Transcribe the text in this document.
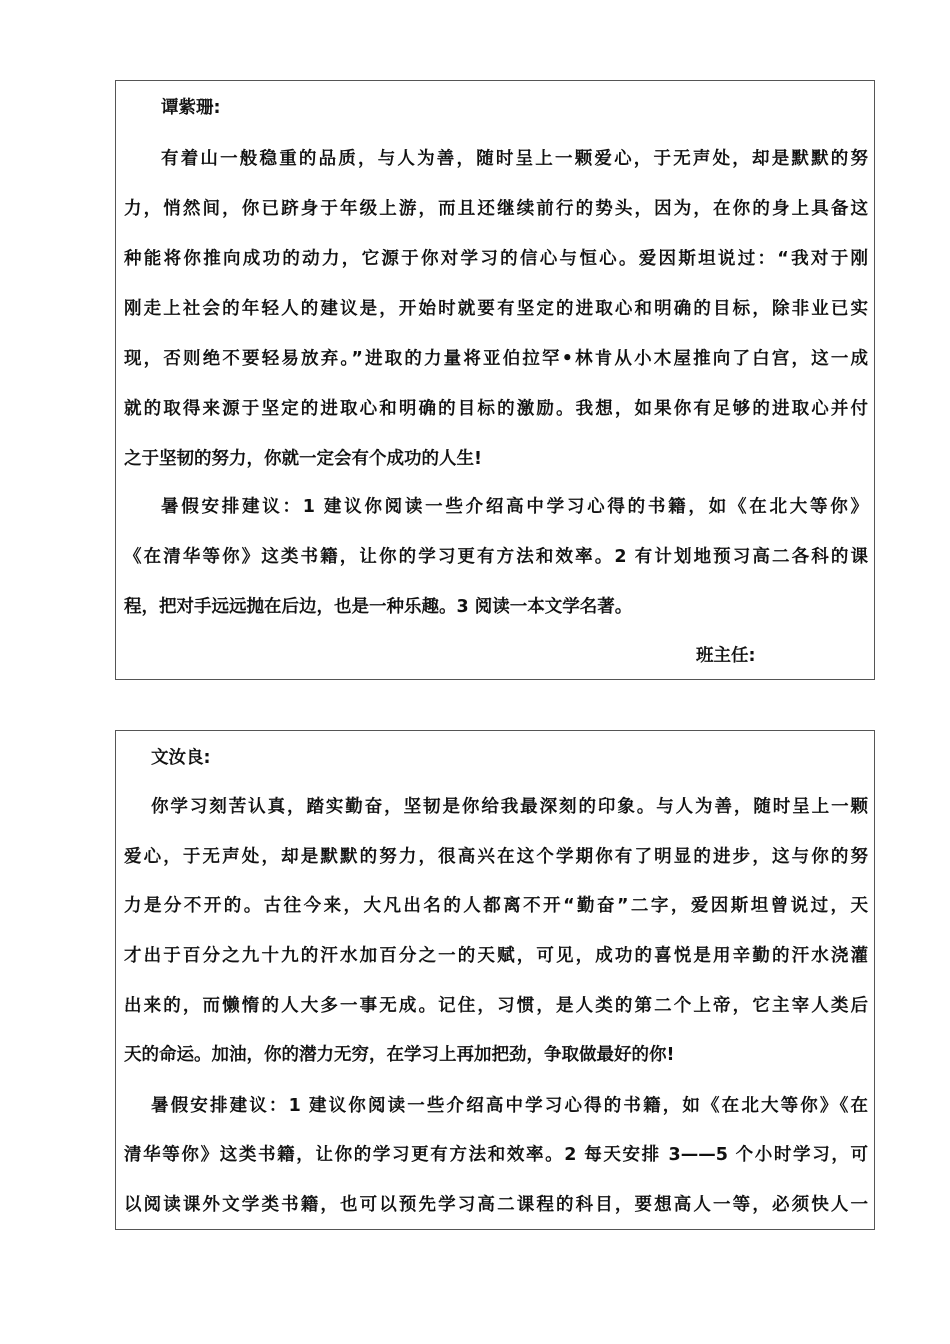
谭紫珊:
有着山一般稳重的品质，与人为善，随时呈上一颗爱心，于无声处，却是默默的努
力，悄然间，你已跻身于年级上游，而且还继续前行的势头，因为，在你的身上具备这
种能将你推向成功的动力，它源于你对学习的信心与恒心。爱因斯坦说过：“我对于刚
刚走上社会的年轻人的建议是，开始时就要有坚定的进取心和明确的目标，除非业已实
现，否则绝不要轻易放弃。”进取的力量将亚伯拉罕•林肯从小木屋推向了白宫，这一成
就的取得来源于坚定的进取心和明确的目标的激励。我想，如果你有足够的进取心并付
之于坚韧的努力，你就一定会有个成功的人生!
暑假安排建议：1 建议你阅读一些介绍高中学习心得的书籍，如《在北大等你》
《在清华等你》这类书籍，让你的学习更有方法和效率。2 有计划地预习高二各科的课
程，把对手远远抛在后边，也是一种乐趣。3 阅读一本文学名著。
班主任:
文汝良:
你学习刻苦认真，踏实勤奋，坚韧是你给我最深刻的印象。与人为善，随时呈上一颗
爱心，于无声处，却是默默的努力，很高兴在这个学期你有了明显的进步，这与你的努
力是分不开的。古往今来，大凡出名的人都离不开“勤奋”二字，爱因斯坦曾说过，天
才出于百分之九十九的汗水加百分之一的天赋，可见，成功的喜悦是用辛勤的汗水浇灌
出来的，而懒惰的人大多一事无成。记住，习惯，是人类的第二个上帝，它主宰人类后
天的命运。加油，你的潜力无穷，在学习上再加把劲，争取做最好的你!
暑假安排建议：1 建议你阅读一些介绍高中学习心得的书籍，如《在北大等你》《在
清华等你》这类书籍，让你的学习更有方法和效率。2 每天安排 3——5 个小时学习，可
以阅读课外文学类书籍，也可以预先学习高二课程的科目，要想高人一等，必须快人一
